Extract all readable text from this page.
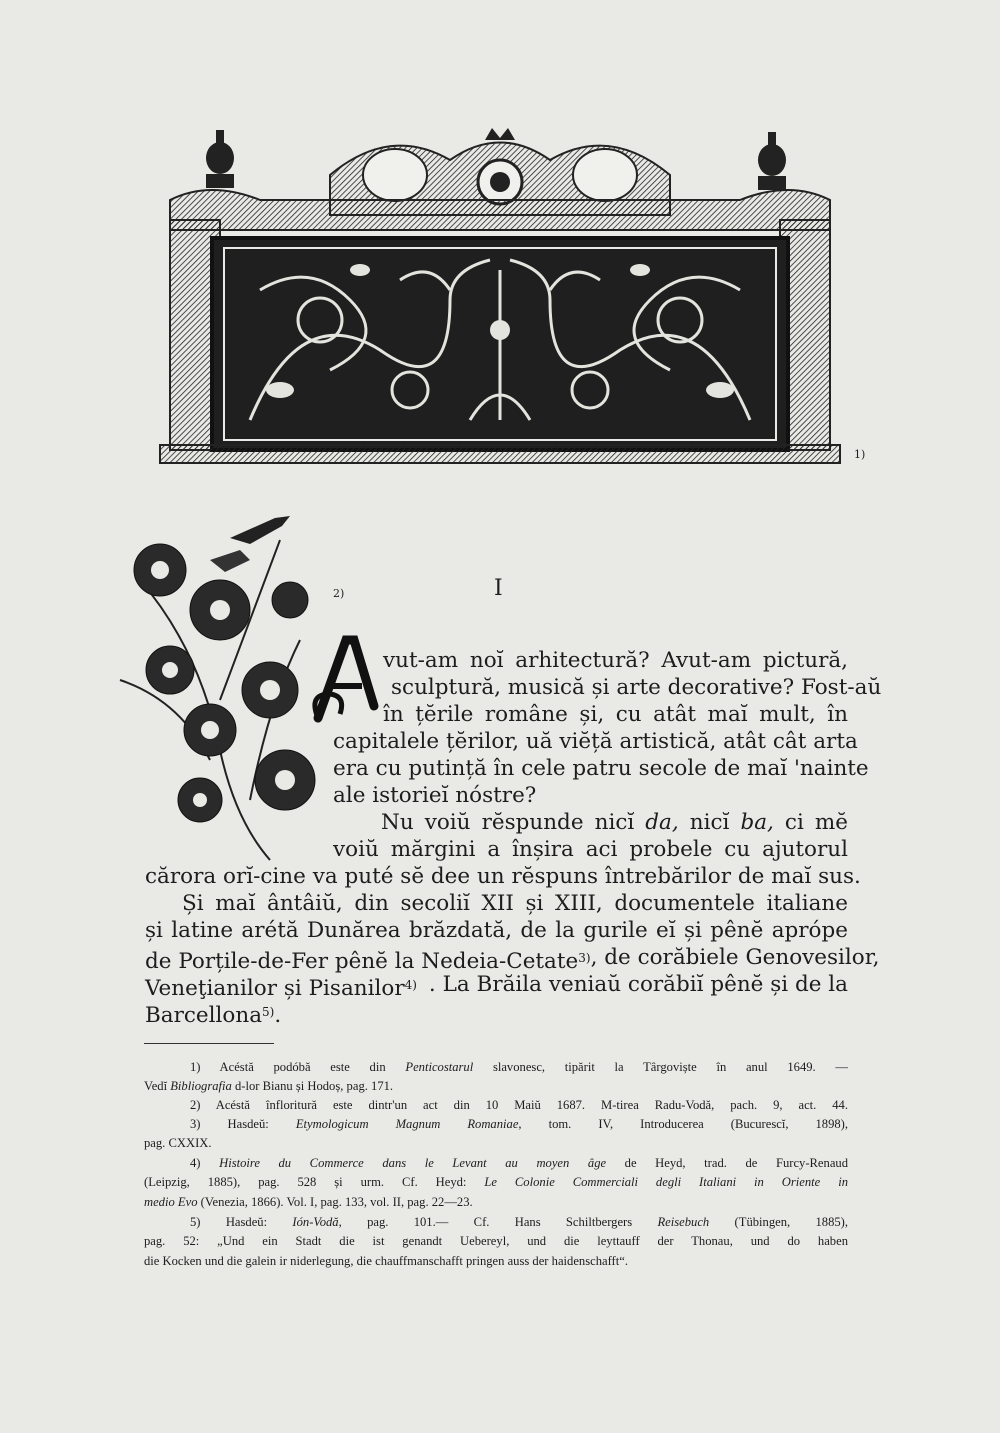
1)
2)	I
vut-am noĭ arhitectură? Avut-am pictură,
sculptură, musică și arte decorative? Fost-aŭ
în țĕrile române și, cu atât maĭ mult, în
capitalele țĕrilor, uă viĕță artistică, atât cât arta
era cu putință în cele patru secole de maĭ 'nainte
ale istorieĭ nóstre?
Nu voiŭ rĕspunde nicĭ da, nicĭ ba, ci mĕ
voiŭ mărgini a înșira aci probele cu ajutorul
cărora orĭ-cine va puté sĕ dee un rĕspuns întrebărilor de maĭ sus.
Și maĭ ântâiŭ, din secoliĭ XII și XIII, documentele italiane
și latine arétă Dunărea brăzdată, de la gurile eĭ și pênĕ aprópe
de Porțile-de-Fer pênĕ la Nedeia-Cetate$^{3)}$ , de corăbiele Genovesilor,
Veneţianilor și Pisanilor$^{4)}$ . La Brăila veniaŭ corăbiĭ pênĕ și de la
Barcellona$^{5)}$.
1) Acéstă podóbă este din Penticostarul slavonesc, tipărit la Târgoviște în anul 1649. —
Vedĭ Bibliografia d-lor Bianu și Hodoș, pag. 171.
2) Acéstă înfloritură este dintr'un act din 10 Maiŭ 1687. M-tirea Radu-Vodă, pach. 9, act. 44.
3) Hasdeŭ: Etymologicum Magnum Romaniae, tom. IV, Introducerea (Bucurescĭ, 1898),
pag. CXXIX.
4) Histoire du Commerce dans le Levant au moyen âge de Heyd, trad. de Furcy-Renaud
(Leipzig, 1885), pag. 528 și urm. Cf. Heyd: Le Colonie Commerciali degli Italiani in Oriente in
medio Evo (Venezia, 1866). Vol. I, pag. 133, vol. II, pag. 22—23.
5) Hasdeŭ: Ión-Vodă, pag. 101.— Cf. Hans Schiltbergers Reisebuch (Tübingen, 1885),
pag. 52: „Und ein Stadt die ist genandt Uebereyl, und die leyttauff der Thonau, und do haben
die Kocken und die galein ir niderlegung, die chauffmanschafft pringen auss der haidenschafft“.
